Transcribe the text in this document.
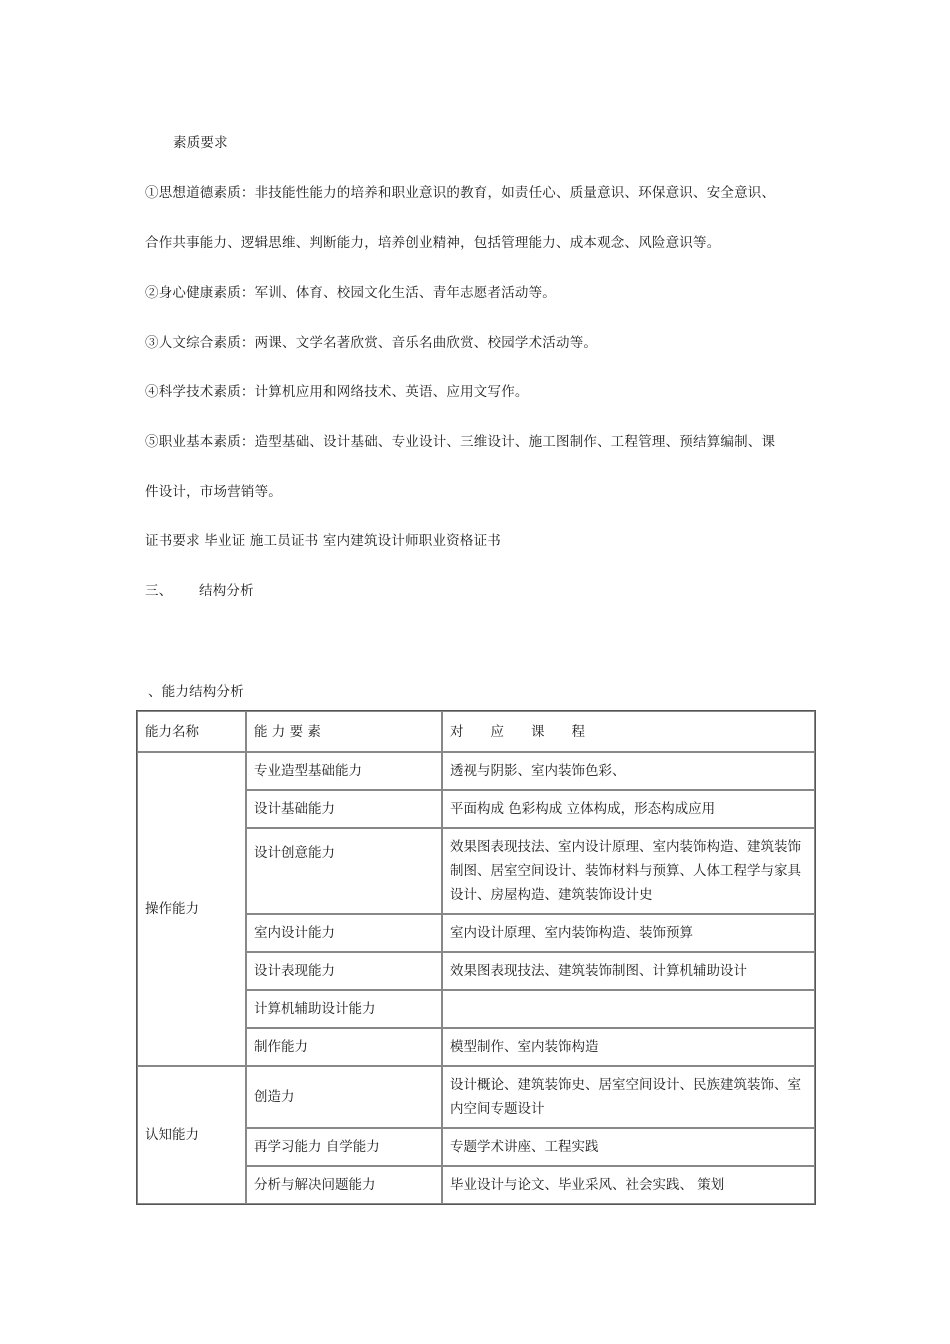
素质要求
①思想道德素质：非技能性能力的培养和职业意识的教育，如责任心、质量意识、环保意识、安全意识、
合作共事能力、逻辑思维、判断能力，培养创业精神，包括管理能力、成本观念、风险意识等。
②身心健康素质：军训、体育、校园文化生活、青年志愿者活动等。
③人文综合素质：两课、文学名著欣赏、音乐名曲欣赏、校园学术活动等。
④科学技术素质：计算机应用和网络技术、英语、应用文写作。
⑤职业基本素质：造型基础、设计基础、专业设计、三维设计、施工图制作、工程管理、预结算编制、课
件设计，市场营销等。
证书要求 毕业证 施工员证书 室内建筑设计师职业资格证书
三、 结构分析
、能力结构分析
能力名称	能 力 要 素	对　　应　　课　　程
操作能力	专业造型基础能力	透视与阴影、室内装饰色彩、
	设计基础能力	平面构成 色彩构成 立体构成，形态构成应用
	设计创意能力	效果图表现技法、室内设计原理、室内装饰构造、建筑装饰制图、居室空间设计、装饰材料与预算、人体工程学与家具设计、房屋构造、建筑装饰设计史
	室内设计能力	室内设计原理、室内装饰构造、装饰预算
	设计表现能力	效果图表现技法、建筑装饰制图、计算机辅助设计
	计算机辅助设计能力	
	制作能力	模型制作、室内装饰构造
认知能力	创造力	设计概论、建筑装饰史、居室空间设计、民族建筑装饰、室内空间专题设计
	再学习能力 自学能力	专题学术讲座、工程实践
	分析与解决问题能力	毕业设计与论文、毕业采风、社会实践、 策划
